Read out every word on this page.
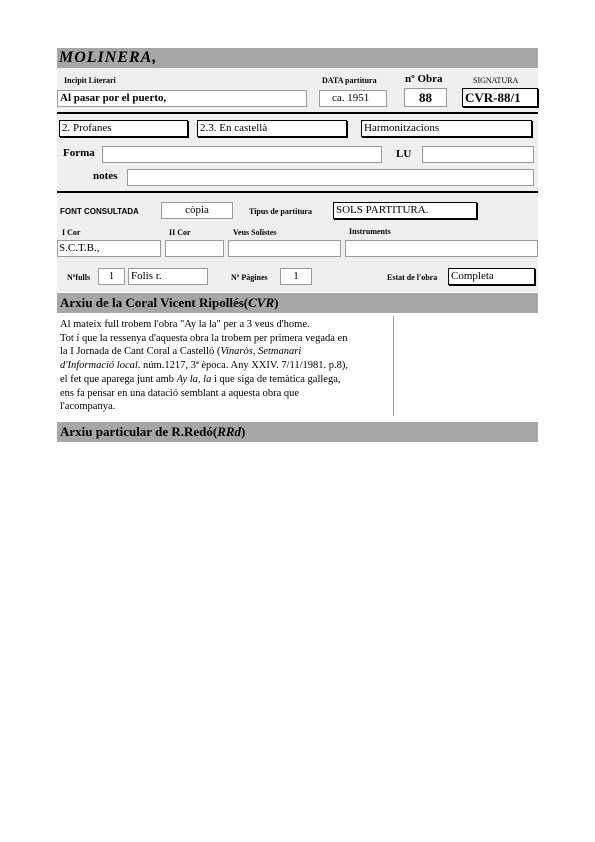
MOLINERA,
Incipit Literari	DATA partitura	nº Obra	SIGNATURA
Al pasar por el puerto,	ca. 1951	88	CVR-88/1
2. Profanes	2.3. En castellà	Harmonitzacions
Forma	LU
notes
FONT CONSULTADA	còpia	Tipus de partitura SOLS PARTITURA.
I Cor	II Cor	Veus Solistes	Instruments
S.C.T.B.,
Nºfulls	1	Folis r.	Nº Pàgines	1	Estat de l'obra Completa
Arxiu de la Coral Vicent Ripollés(CVR)
Al mateix full trobem l'obra "Ay la la" per a 3 veus d'home.
Tot i que la ressenya d'aquesta obra la trobem per primera vegada en
la I Jornada de Cant Coral a Castelló (Vinaròs, Setmanari
d'Informació local. núm.1217, 3ª època. Any XXIV. 7/11/1981. p.8),
el fet que aparega junt amb Ay la, la i que siga de temàtica gallega,
ens fa pensar en una datació semblant a aquesta obra que
l'acompanya.
Arxiu particular de R.Redó(RRd)
